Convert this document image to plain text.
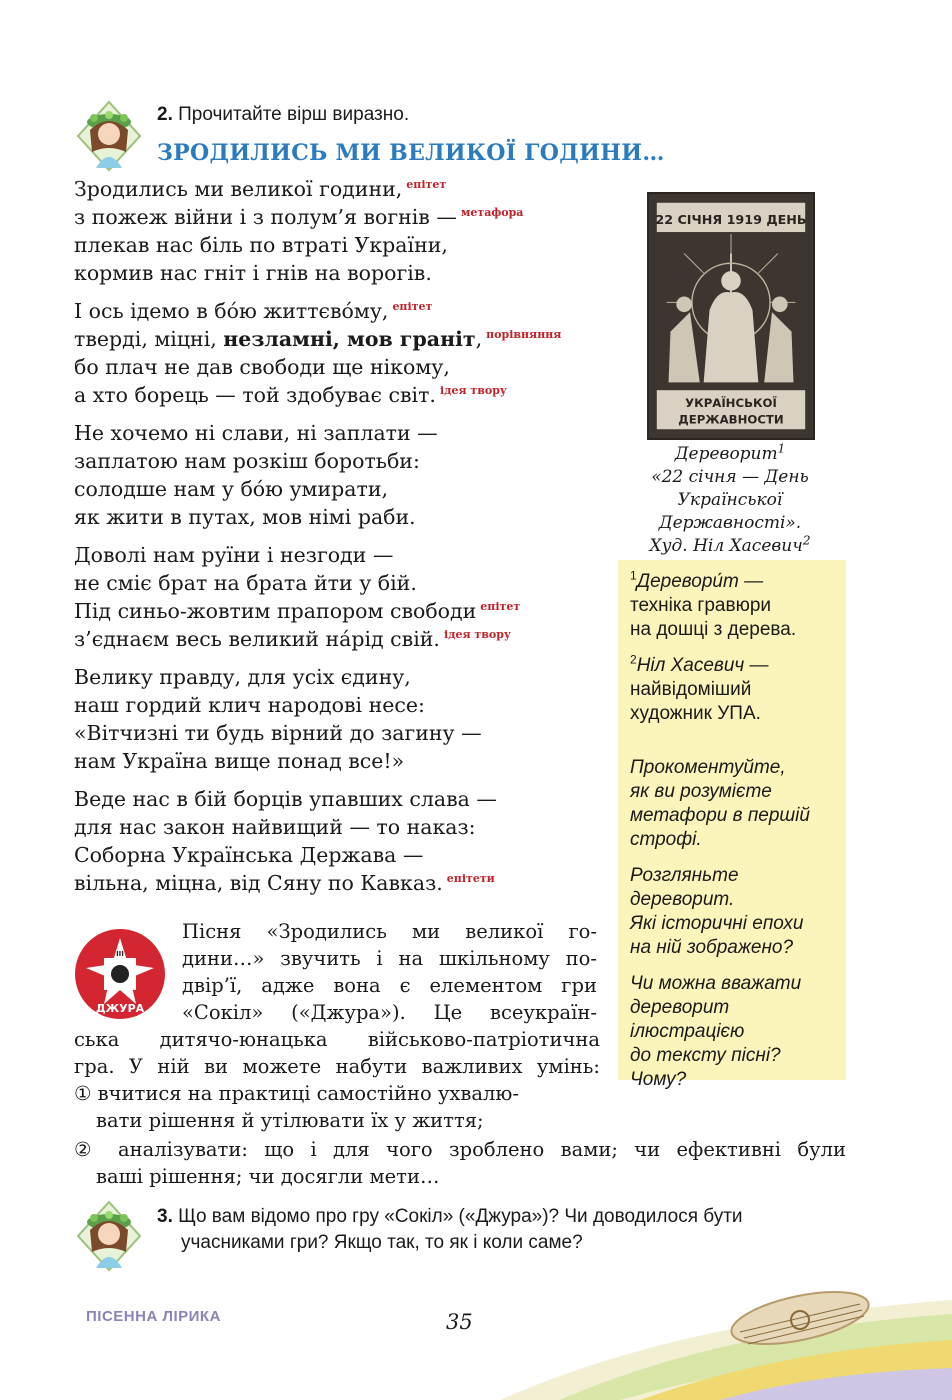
2. Прочитайте вірш виразно.
ЗРОДИЛИСЬ МИ ВЕЛИКОЇ ГОДИНИ…
Зродились ми великої години, $^{епітет}$
з пожеж війни і з полум’я вогнів — $^{метафора}$
плекав нас біль по втраті України,
кормив нас гніт і гнів на ворогів.
І ось ідемо в бо́ю життєво́му, $^{епітет}$
тверді, міцні, незламні, мов граніт, $^{порівняння}$
бо плач не дав свободи ще нікому,
а хто борець — той здобуває світ. $^{ідея твору}$
Не хочемо ні слави, ні заплати —
заплатою нам розкіш боротьби:
солодше нам у бо́ю умирати,
як жити в путах, мов німі раби.
Доволі нам руїни і незгоди —
не сміє брат на брата йти у бій.
Під синьо-жовтим прапором свободи $^{епітет}$
з’єднаєм весь великий на́рід свій. $^{ідея твору}$
Велику правду, для усіх єдину,
наш гордий клич народові несе:
«Вітчизні ти будь вірний до загину —
нам Україна вище понад все!»
Веде нас в бій борців упавших слава —
для нас закон найвищий — то наказ:
Соборна Українська Держава —
вільна, міцна, від Сяну по Кавказ. $^{епітети}$
22 СІЧНЯ 1919 ДЕНЬ
УКРАЇНСЬКОЇ
ДЕРЖАВНОСТИ
Дереворит$^1$
«22 січня — День
Української
Державності».
Худ. Ніл Хасевич$^2$

$^1$Деревори́т —
техніка гравюри
на дошці з дерева.

$^2$Ніл Хасевич —
найвідоміший
художник УПА.

Прокоментуйте,
як ви розумієте
метафори в першій
строфі.

Розгляньте
дереворит.
Які історичні епохи
на ній зображено?

Чи можна вважати
дереворит
ілюстрацією
до тексту пісні?
Чому?

ІІІ
ДЖУРА
Пісня «Зродились ми великої го-
дини…» звучить і на шкільному по-
двір’ї, адже вона є елементом гри
«Сокіл» («Джура»). Це всеукраїн-
ська дитячо-юнацька військово-патріотична
гра. У ній ви можете набути важливих умінь:
① вчитися на практиці самостійно ухвалю-
вати рішення й утілювати їх у життя;
② аналізувати: що і для чого зроблено вами; чи ефективні були
ваші рішення; чи досягли мети…
3. Що вам відомо про гру «Сокіл» («Джура»)? Чи доводилося бути
учасниками гри? Якщо так, то як і коли саме?
ПІСЕННА ЛІРИКА	35
